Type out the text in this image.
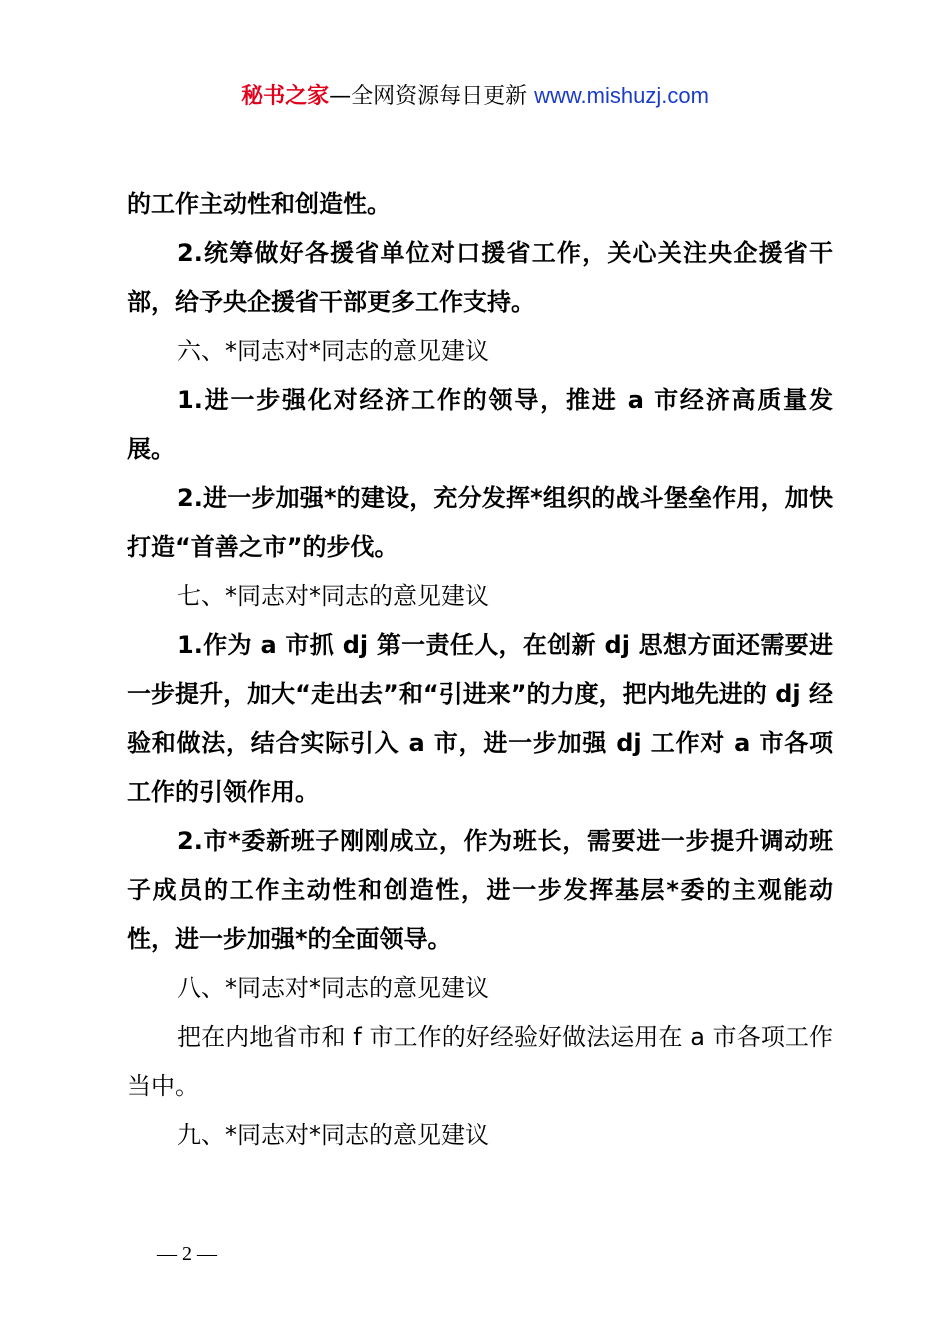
秘书之家—全网资源每日更新 www.mishuzj.com

的工作主动性和创造性。

2.统筹做好各援省单位对口援省工作，关心关注央企援省干部，给予央企援省干部更多工作支持。

六、*同志对*同志的意见建议

1.进一步强化对经济工作的领导，推进 a 市经济高质量发展。

2.进一步加强*的建设，充分发挥*组织的战斗堡垒作用，加快打造“首善之市”的步伐。

七、*同志对*同志的意见建议

1.作为 a 市抓 dj 第一责任人，在创新 dj 思想方面还需要进一步提升，加大“走出去”和“引进来”的力度，把内地先进的 dj 经验和做法，结合实际引入 a 市，进一步加强 dj 工作对 a 市各项工作的引领作用。

2.市*委新班子刚刚成立，作为班长，需要进一步提升调动班子成员的工作主动性和创造性，进一步发挥基层*委的主观能动性，进一步加强*的全面领导。

八、*同志对*同志的意见建议

把在内地省市和 f 市工作的好经验好做法运用在 a 市各项工作当中。

九、*同志对*同志的意见建议

— 2 —
